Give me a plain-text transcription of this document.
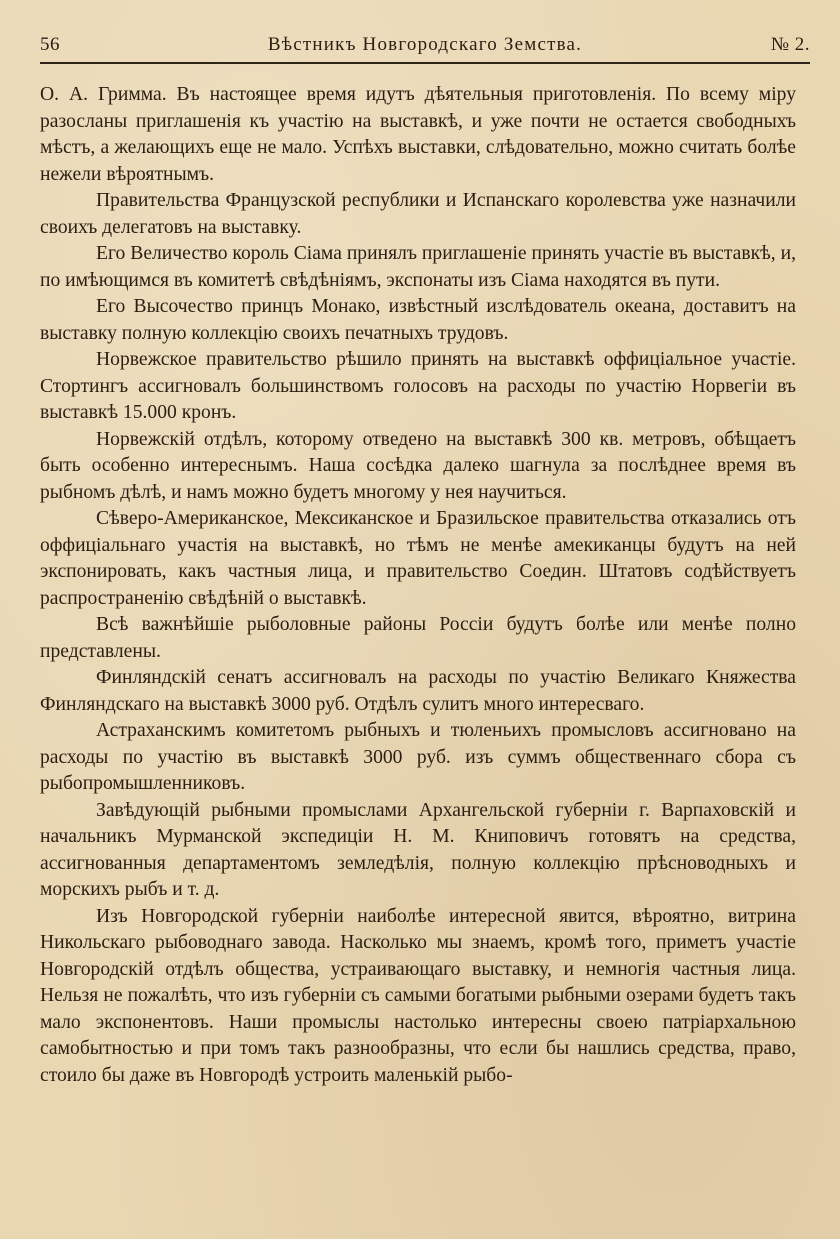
56	Вѣстникъ Новгородскаго Земства.	№ 2.

О. А. Гримма. Въ настоящее время идутъ дѣятельныя приготовленія. По всему міру разосланы приглашенія къ участію на выставкѣ, и уже почти не остается свободныхъ мѣстъ, а желающихъ еще не мало. Успѣхъ выставки, слѣдовательно, можно считать болѣе нежели вѣроятнымъ.

Правительства Французской республики и Испанскаго королевства уже назначили своихъ делегатовъ на выставку.

Его Величество король Сіама принялъ приглашеніе принять участіе въ выставкѣ, и, по имѣющимся въ комитетѣ свѣдѣніямъ, экспонаты изъ Сіама находятся въ пути.

Его Высочество принцъ Монако, извѣстный изслѣдователь океана, доставитъ на выставку полную коллекцію своихъ печатныхъ трудовъ.

Норвежское правительство рѣшило принять на выставкѣ оффиціальное участіе. Стортингъ ассигновалъ большинствомъ голосовъ на расходы по участію Норвегіи въ выставкѣ 15.000 кронъ.

Норвежскій отдѣлъ, которому отведено на выставкѣ 300 кв. метровъ, обѣщаетъ быть особенно интереснымъ. Наша сосѣдка далеко шагнула за послѣднее время въ рыбномъ дѣлѣ, и намъ можно будетъ многому у нея научиться.

Сѣверо-Американское, Мексиканское и Бразильское правительства отказались отъ оффиціальнаго участія на выставкѣ, но тѣмъ не менѣе амекиканцы будутъ на ней экспонировать, какъ частныя лица, и правительство Соедин. Штатовъ содѣйствуетъ распространенію свѣдѣній о выставкѣ.

Всѣ важнѣйшіе рыболовные районы Россіи будутъ болѣе или менѣе полно представлены.

Финляндскій сенатъ ассигновалъ на расходы по участію Великаго Княжества Финляндскаго на выставкѣ 3000 руб. Отдѣлъ сулитъ много интересваго.

Астраханскимъ комитетомъ рыбныхъ и тюленьихъ промысловъ ассигновано на расходы по участію въ выставкѣ 3000 руб. изъ суммъ общественнаго сбора съ рыбопромышленниковъ.

Завѣдующій рыбными промыслами Архангельской губерніи г. Варпаховскій и начальникъ Мурманской экспедиціи Н. М. Книповичъ готовятъ на средства, ассигнованныя департаментомъ земледѣлія, полную коллекцію прѣсноводныхъ и морскихъ рыбъ и т. д.

Изъ Новгородской губерніи наиболѣе интересной явится, вѣроятно, витрина Никольскаго рыбоводнаго завода. Насколько мы знаемъ, кромѣ того, приметъ участіе Новгородскій отдѣлъ общества, устраивающаго выставку, и немногія частныя лица. Нельзя не пожалѣть, что изъ губерніи съ самыми богатыми рыбными озерами будетъ такъ мало экспонентовъ. Наши промыслы настолько интересны своею патріархальною самобытностью и при томъ такъ разнообразны, что если бы нашлись средства, право, стоило бы даже въ Новгородѣ устроить маленькій рыбо-
